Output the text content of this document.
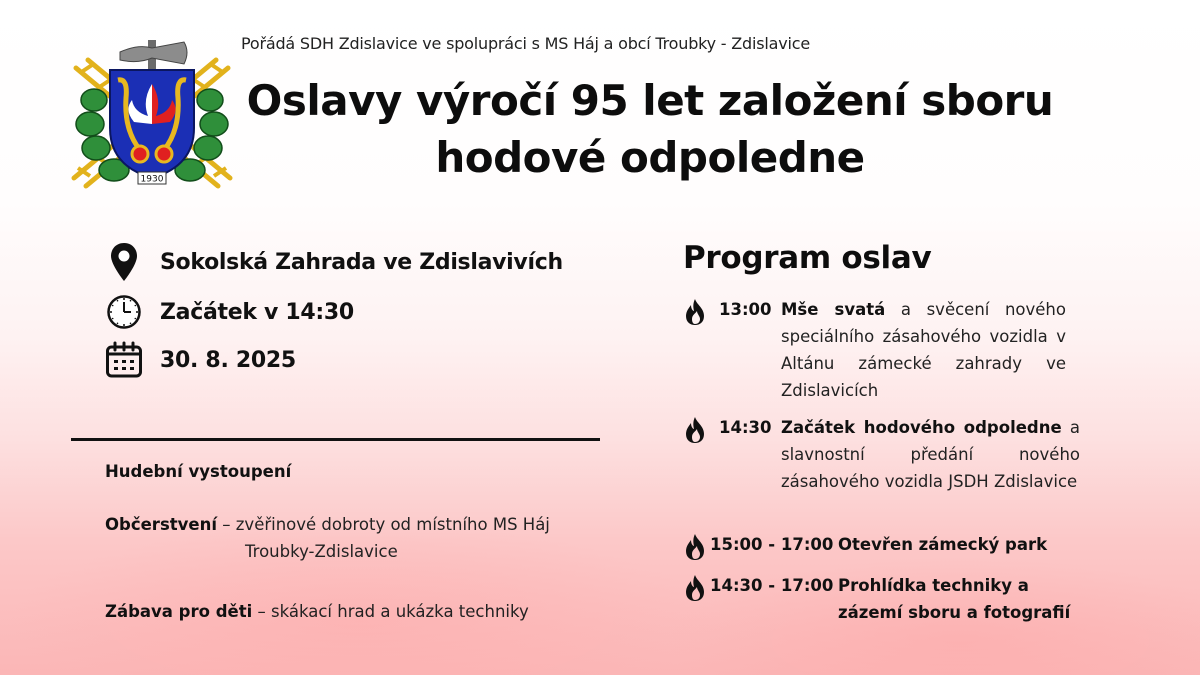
1930
Pořádá SDH Zdislavice ve spolupráci s MS Háj a obcí Troubky - Zdislavice
Oslavy výročí 95 let založení sboru
hodové odpoledne
Sokolská Zahrada ve Zdislavivích
Začátek v 14:30
30. 8. 2025
Hudební vystoupení
Občerstvení – zvěřinové dobroty od místního MS Háj
Troubky-Zdislavice
Zábava pro děti – skákací hrad a ukázka techniky
Program oslav
13:00 Mše svatá a svěcení nového speciálního zásahového vozidla v Altánu zámecké zahrady ve Zdislavicích
14:30 Začátek hodového odpoledne a slavnostní předání nového zásahového vozidla JSDH Zdislavice
15:00 - 17:00 Otevřen zámecký park
14:30 - 17:00 Prohlídka techniky a zázemí sboru a fotografií
